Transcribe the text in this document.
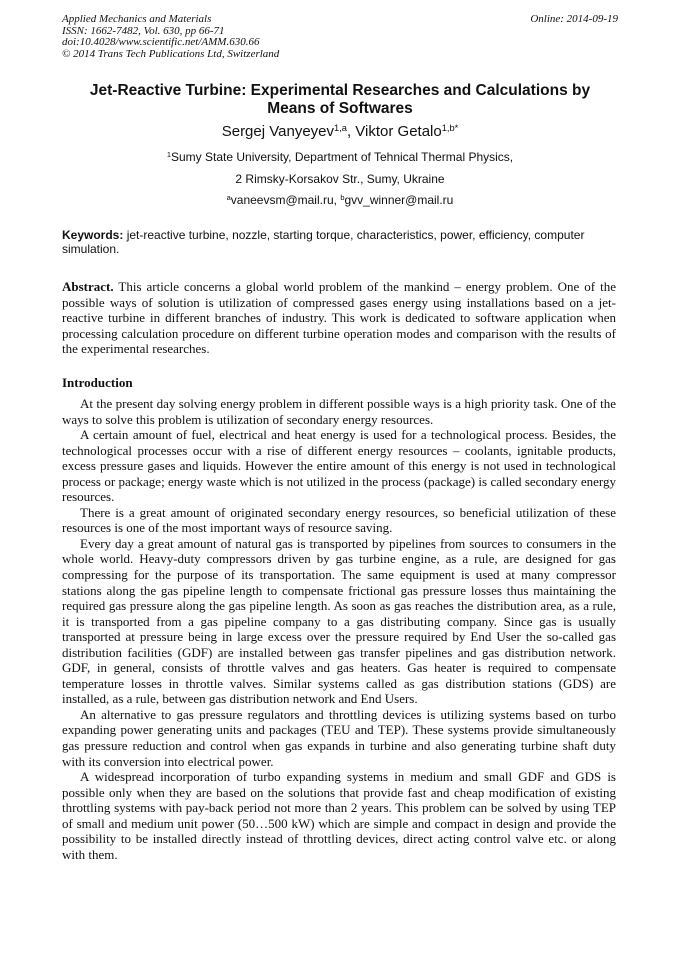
Applied Mechanics and Materials
ISSN: 1662-7482, Vol. 630, pp 66-71
doi:10.4028/www.scientific.net/AMM.630.66
© 2014 Trans Tech Publications Ltd, Switzerland
Online: 2014-09-19
Jet-Reactive Turbine: Experimental Researches and Calculations by Means of Softwares
Sergej Vanyeyev$^{1,a}$, Viktor Getalo$^{1,b*}$
$^1$Sumy State University, Department of Tehnical Thermal Physics,
2 Rimsky-Korsakov Str., Sumy, Ukraine
$^a$vaneevsm@mail.ru, $^b$gvv_winner@mail.ru
Keywords: jet-reactive turbine, nozzle, starting torque, characteristics, power, efficiency, computer simulation.
Abstract. This article concerns a global world problem of the mankind – energy problem. One of the possible ways of solution is utilization of compressed gases energy using installations based on a jet-reactive turbine in different branches of industry. This work is dedicated to software application when processing calculation procedure on different turbine operation modes and comparison with the results of the experimental researches.
Introduction

At the present day solving energy problem in different possible ways is a high priority task. One of the ways to solve this problem is utilization of secondary energy resources.

A certain amount of fuel, electrical and heat energy is used for a technological process. Besides, the technological processes occur with a rise of different energy resources – coolants, ignitable products, excess pressure gases and liquids. However the entire amount of this energy is not used in technological process or package; energy waste which is not utilized in the process (package) is called secondary energy resources.

There is a great amount of originated secondary energy resources, so beneficial utilization of these resources is one of the most important ways of resource saving.

Every day a great amount of natural gas is transported by pipelines from sources to consumers in the whole world. Heavy-duty compressors driven by gas turbine engine, as a rule, are designed for gas compressing for the purpose of its transportation. The same equipment is used at many compressor stations along the gas pipeline length to compensate frictional gas pressure losses thus maintaining the required gas pressure along the gas pipeline length. As soon as gas reaches the distribution area, as a rule, it is transported from a gas pipeline company to a gas distributing company. Since gas is usually transported at pressure being in large excess over the pressure required by End User the so-called gas distribution facilities (GDF) are installed between gas transfer pipelines and gas distribution network. GDF, in general, consists of throttle valves and gas heaters. Gas heater is required to compensate temperature losses in throttle valves. Similar systems called as gas distribution stations (GDS) are installed, as a rule, between gas distribution network and End Users.

An alternative to gas pressure regulators and throttling devices is utilizing systems based on turbo expanding power generating units and packages (TEU and TEP). These systems provide simultaneously gas pressure reduction and control when gas expands in turbine and also generating turbine shaft duty with its conversion into electrical power.

A widespread incorporation of turbo expanding systems in medium and small GDF and GDS is possible only when they are based on the solutions that provide fast and cheap modification of existing throttling systems with pay-back period not more than 2 years. This problem can be solved by using TEP of small and medium unit power (50…500 kW) which are simple and compact in design and provide the possibility to be installed directly instead of throttling devices, direct acting control valve etc. or along with them.
